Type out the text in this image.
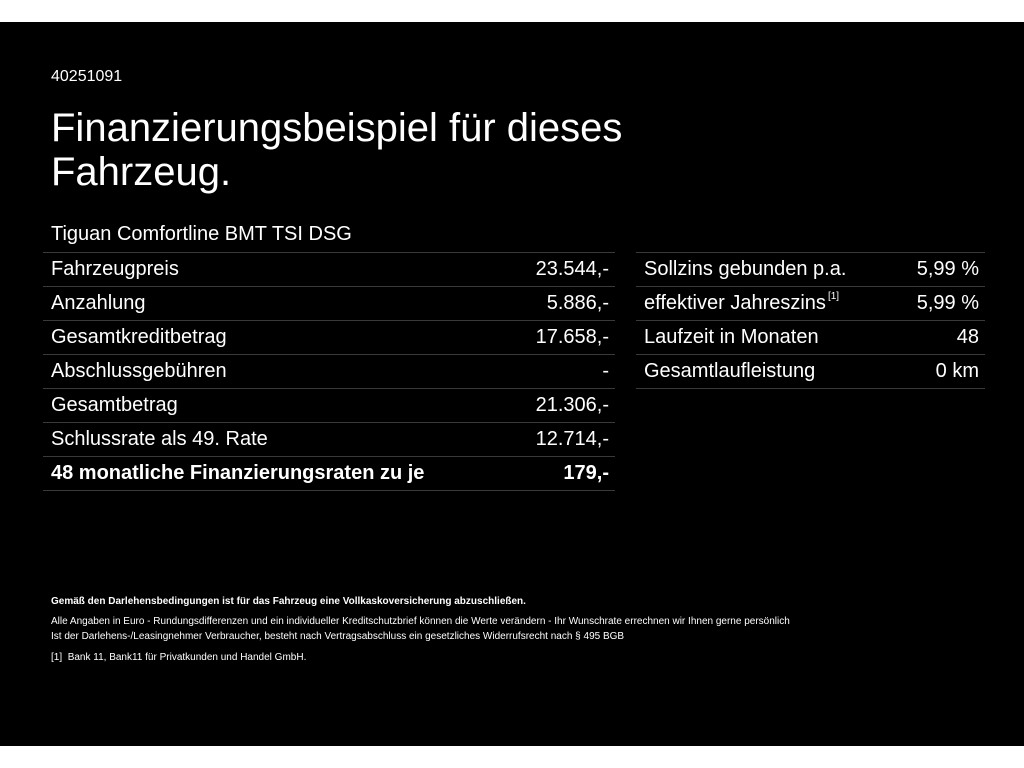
40251091
Finanzierungsbeispiel für dieses Fahrzeug.
Tiguan Comfortline BMT TSI DSG
Fahrzeugpreis	23.544,-
Anzahlung	5.886,-
Gesamtkreditbetrag	17.658,-
Abschlussgebühren	-
Gesamtbetrag	21.306,-
Schlussrate als 49. Rate	12.714,-
48 monatliche Finanzierungsraten zu je	179,-
Sollzins gebunden p.a.	5,99 %
effektiver Jahreszins [1]	5,99 %
Laufzeit in Monaten	48
Gesamtlaufleistung	0 km
Gemäß den Darlehensbedingungen ist für das Fahrzeug eine Vollkaskoversicherung abzuschließen.
Alle Angaben in Euro - Rundungsdifferenzen und ein individueller Kreditschutzbrief können die Werte verändern - Ihr Wunschrate errechnen wir Ihnen gerne persönlich
Ist der Darlehens-/Leasingnehmer Verbraucher, besteht nach Vertragsabschluss ein gesetzliches Widerrufsrecht nach § 495 BGB
[1] Bank 11, Bank11 für Privatkunden und Handel GmbH.
